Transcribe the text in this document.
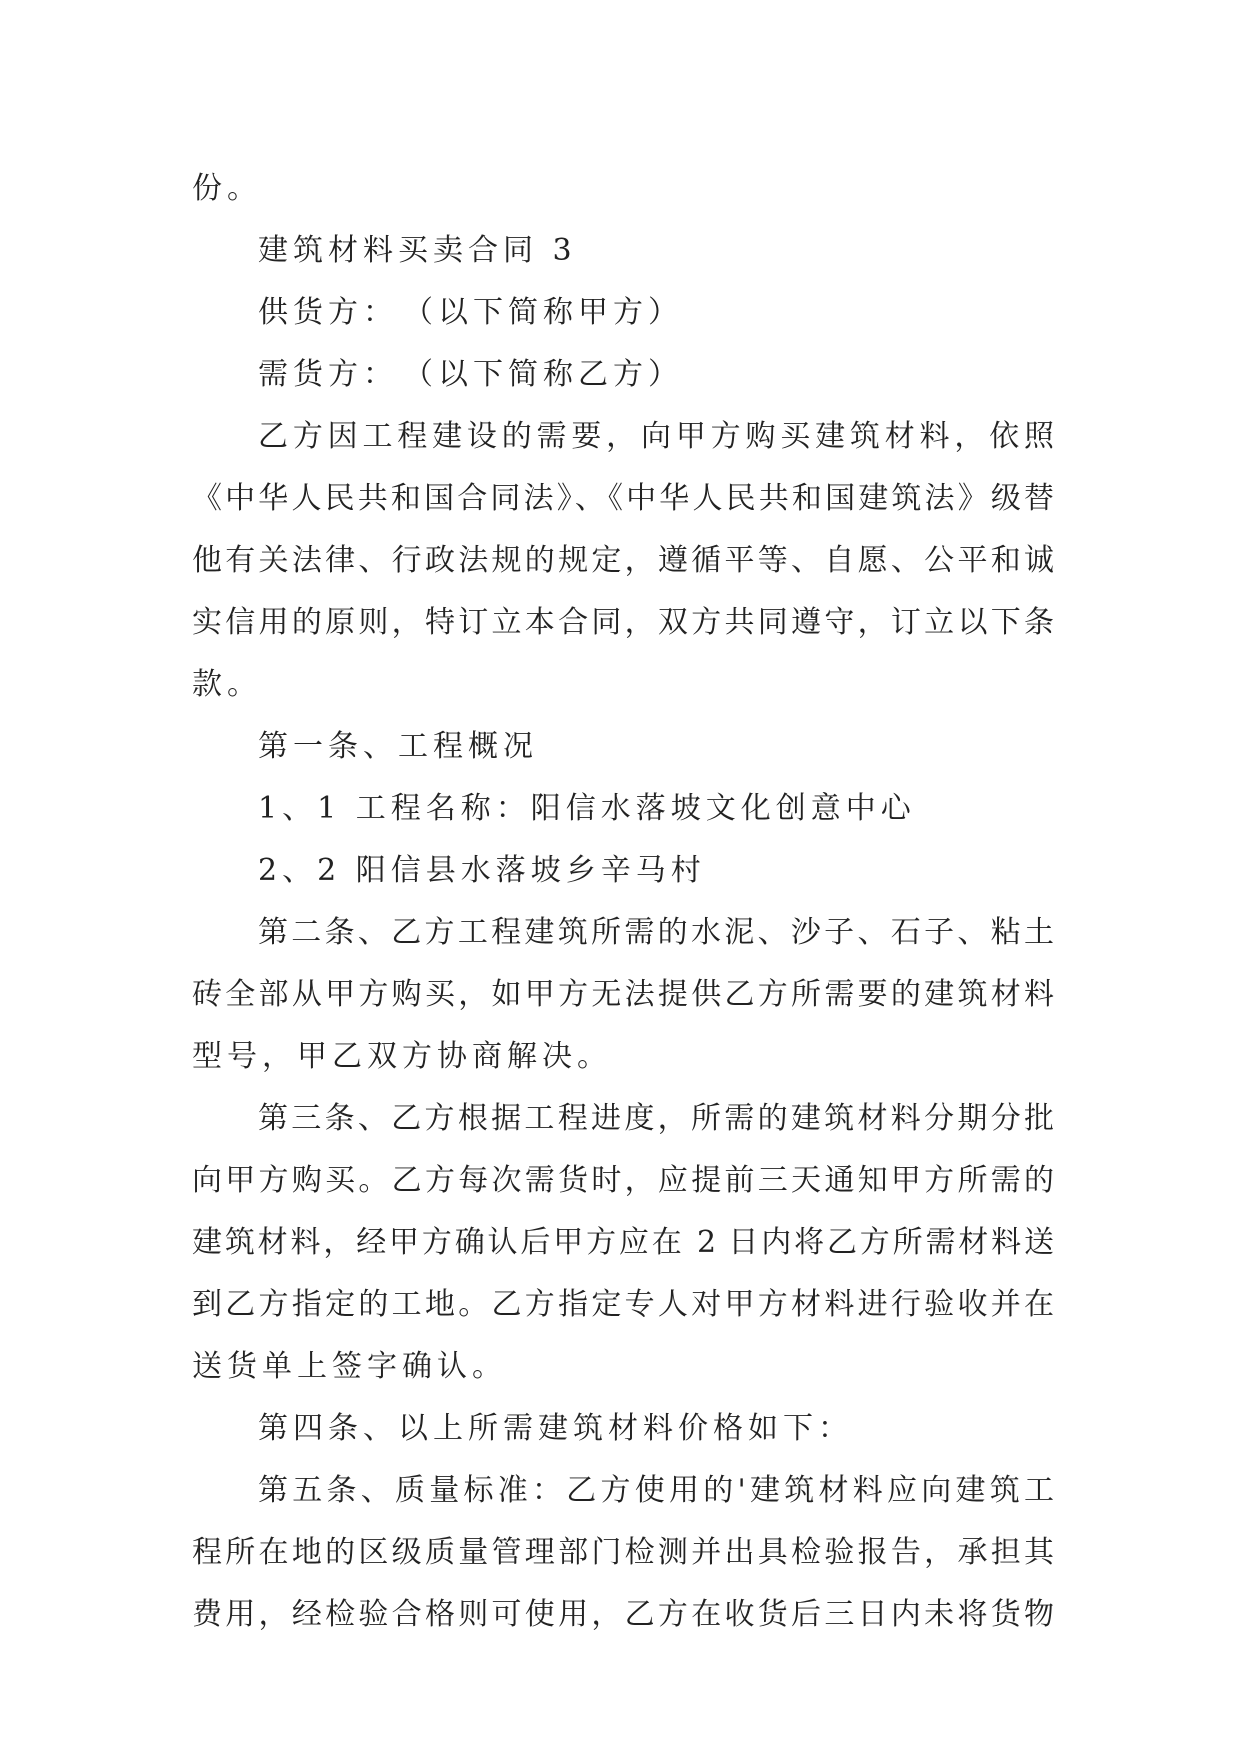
份。
建筑材料买卖合同 3
供货方：　（以下简称甲方）
需货方：　（以下简称乙方）
乙方因工程建设的需要，向甲方购买建筑材料，依照
《中华人民共和国合同法》、《中华人民共和国建筑法》级替
他有关法律、行政法规的规定，遵循平等、自愿、公平和诚
实信用的原则，特订立本合同，双方共同遵守，订立以下条
款。
第一条、工程概况
1、1 工程名称：阳信水落坡文化创意中心
2、2 阳信县水落坡乡辛马村
第二条、乙方工程建筑所需的水泥、沙子、石子、粘土
砖全部从甲方购买，如甲方无法提供乙方所需要的建筑材料
型号，甲乙双方协商解决。
第三条、乙方根据工程进度，所需的建筑材料分期分批
向甲方购买。乙方每次需货时，应提前三天通知甲方所需的
建筑材料，经甲方确认后甲方应在 2 日内将乙方所需材料送
到乙方指定的工地。乙方指定专人对甲方材料进行验收并在
送货单上签字确认。
第四条、以上所需建筑材料价格如下：
第五条、质量标准：乙方使用的'建筑材料应向建筑工
程所在地的区级质量管理部门检测并出具检验报告，承担其
费用，经检验合格则可使用，乙方在收货后三日内未将货物
